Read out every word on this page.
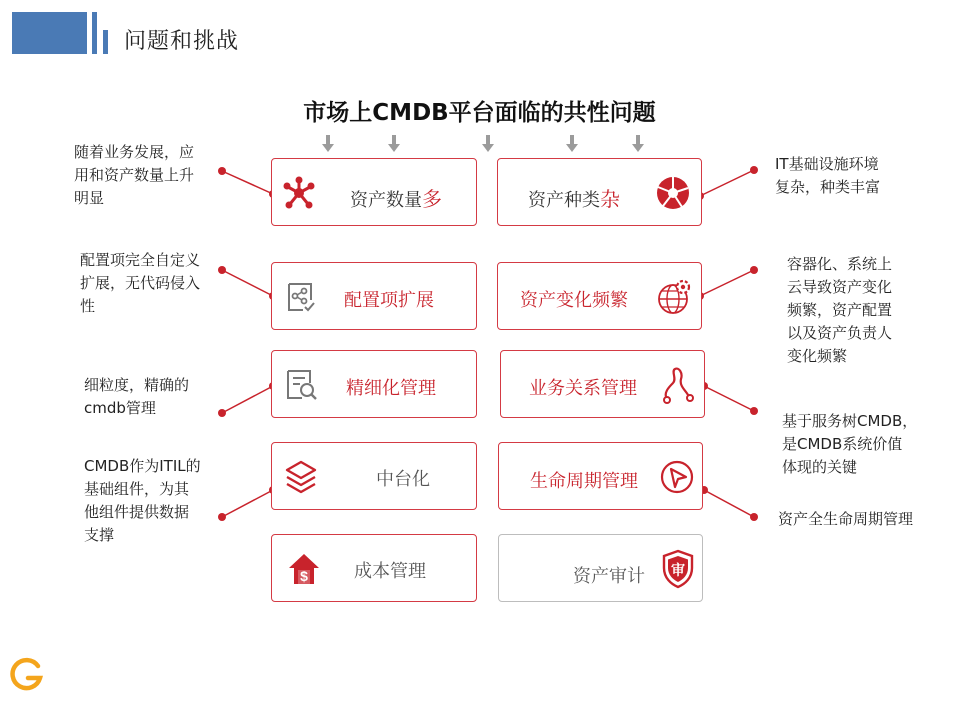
问题和挑战
市场上CMDB平台面临的共性问题
随着业务发展，应
用和资产数量上升
明显
配置项完全自定义
扩展，无代码侵入
性
细粒度，精确的
cmdb管理
CMDB作为ITIL的
基础组件，为其
他组件提供数据
支撑
IT基础设施环境
复杂，种类丰富
容器化、系统上
云导致资产变化
频繁，资产配置
以及资产负责人
变化频繁
基于服务树CMDB，
是CMDB系统价值
体现的关键
资产全生命周期管理
资产数量多	资产种类杂
配置项扩展	资产变化频繁
精细化管理	业务关系管理
中台化	生命周期管理
$	成本管理	资产审计 审
